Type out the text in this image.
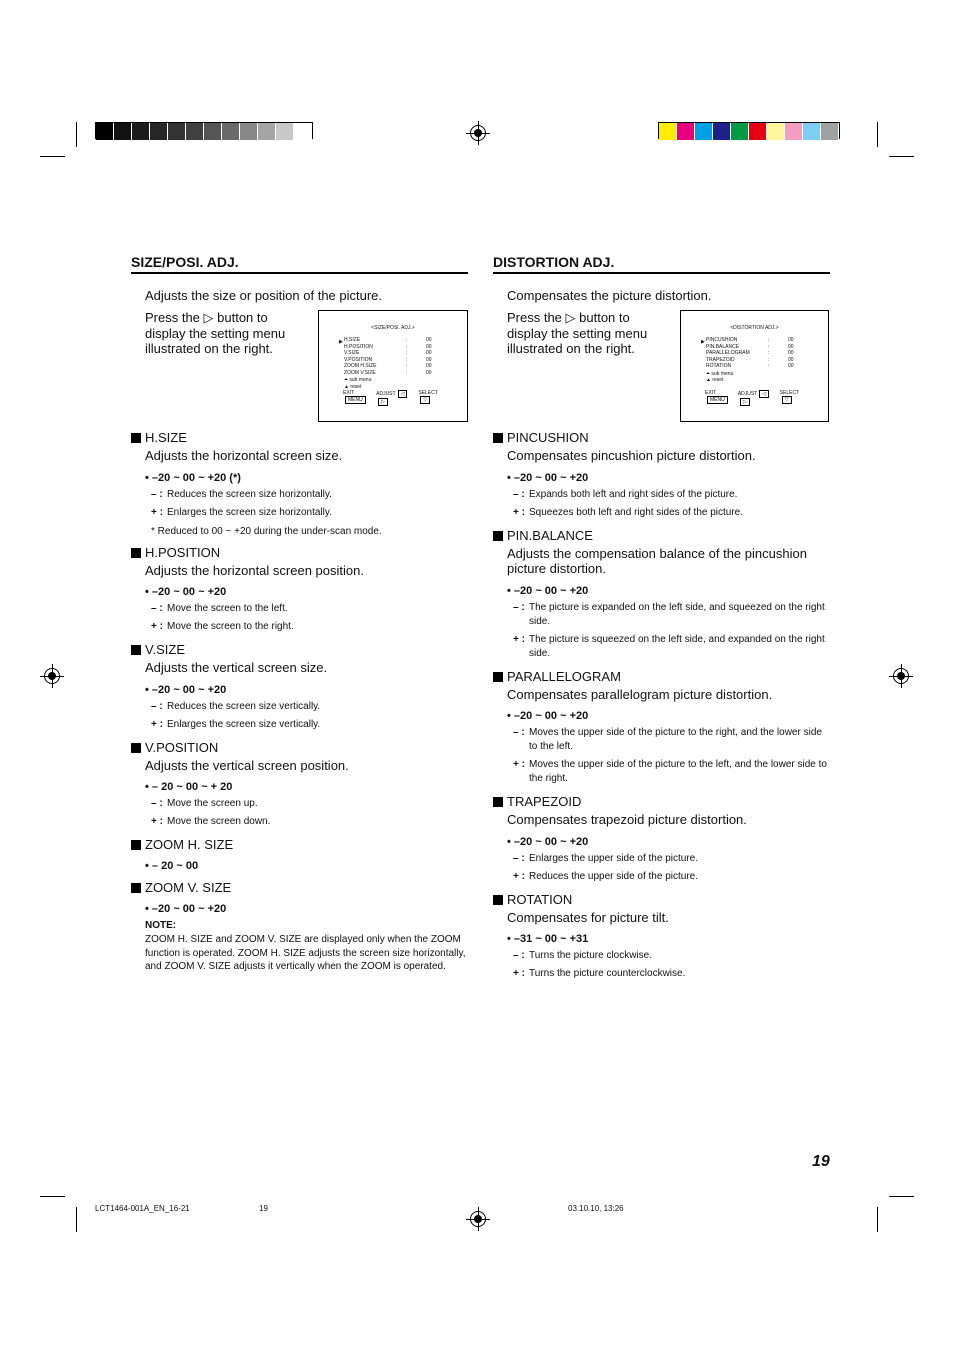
SIZE/POSI. ADJ.
Adjusts the size or position of the picture.
Press the ▷ button to display the setting menu illustrated on the right.
<SIZE/POSI. ADJ.>
▶ H.SIZE	:	00
H.POSITION	:	00
V.SIZE	:	00
V.POSITION	:	00
ZOOM H.SIZE	:	00
ZOOM V.SIZE	:	00
⏶
sub menu
▲
reset
EXITMENU
ADJUST ◁▷
SELECT▽
H.SIZE
Adjusts the horizontal screen size.
• –20 ~ 00 ~ +20 (*)
– : Reduces the screen size horizontally.
+ : Enlarges the screen size horizontally.
* Reduced to 00 ~ +20 during the under-scan mode.
H.POSITION
Adjusts the horizontal screen position.
• –20 ~ 00 ~ +20
– : Move the screen to the left.
+ : Move the screen to the right.
V.SIZE
Adjusts the vertical screen size.
• –20 ~ 00 ~ +20
– : Reduces the screen size vertically.
+ : Enlarges the screen size vertically.
V.POSITION
Adjusts the vertical screen position.
• – 20 ~ 00 ~ + 20
– : Move the screen up.
+ : Move the screen down.
ZOOM H. SIZE
• – 20 ~ 00
ZOOM V. SIZE
• –20 ~ 00 ~ +20
NOTE:
ZOOM H. SIZE and ZOOM V. SIZE are displayed only when the ZOOM function is operated. ZOOM H. SIZE adjusts the screen size horizontally, and ZOOM V. SIZE adjusts it vertically when the ZOOM is operated.
DISTORTION ADJ.
Compensates the picture distortion.
Press the ▷ button to display the setting menu illustrated on the right.
<DISTORTION ADJ.>
▶ PINCUSHION	:	00
PIN.BALANCE	:	00
PARALLELOGRAM	:	00
TRAPEZOID	:	00
ROTATION	:	00
⏶
sub menu
▲
reset
EXITMENU
ADJUST ◁▷
SELECT▽
PINCUSHION
Compensates pincushion picture distortion.
• –20 ~ 00 ~ +20
– : Expands both left and right sides of the picture.
+ : Squeezes both left and right sides of the picture.
PIN.BALANCE
Adjusts the compensation balance of the pincushion picture distortion.
• –20 ~ 00 ~ +20
– : The picture is expanded on the left side, and squeezed on the right side.
+ : The picture is squeezed on the left side, and expanded on the right side.
PARALLELOGRAM
Compensates parallelogram picture distortion.
• –20 ~ 00 ~ +20
– : Moves the upper side of the picture to the right, and the lower side to the left.
+ : Moves the upper side of the picture to the left, and the lower side to the right.
TRAPEZOID
Compensates trapezoid picture distortion.
• –20 ~ 00 ~ +20
– : Enlarges the upper side of the picture.
+ : Reduces the upper side of the picture.
ROTATION
Compensates for picture tilt.
• –31 ~ 00 ~ +31
– : Turns the picture clockwise.
+ : Turns the picture counterclockwise.
19
LCT1464-001A_EN_16-21	19	03.10.10, 13:26
